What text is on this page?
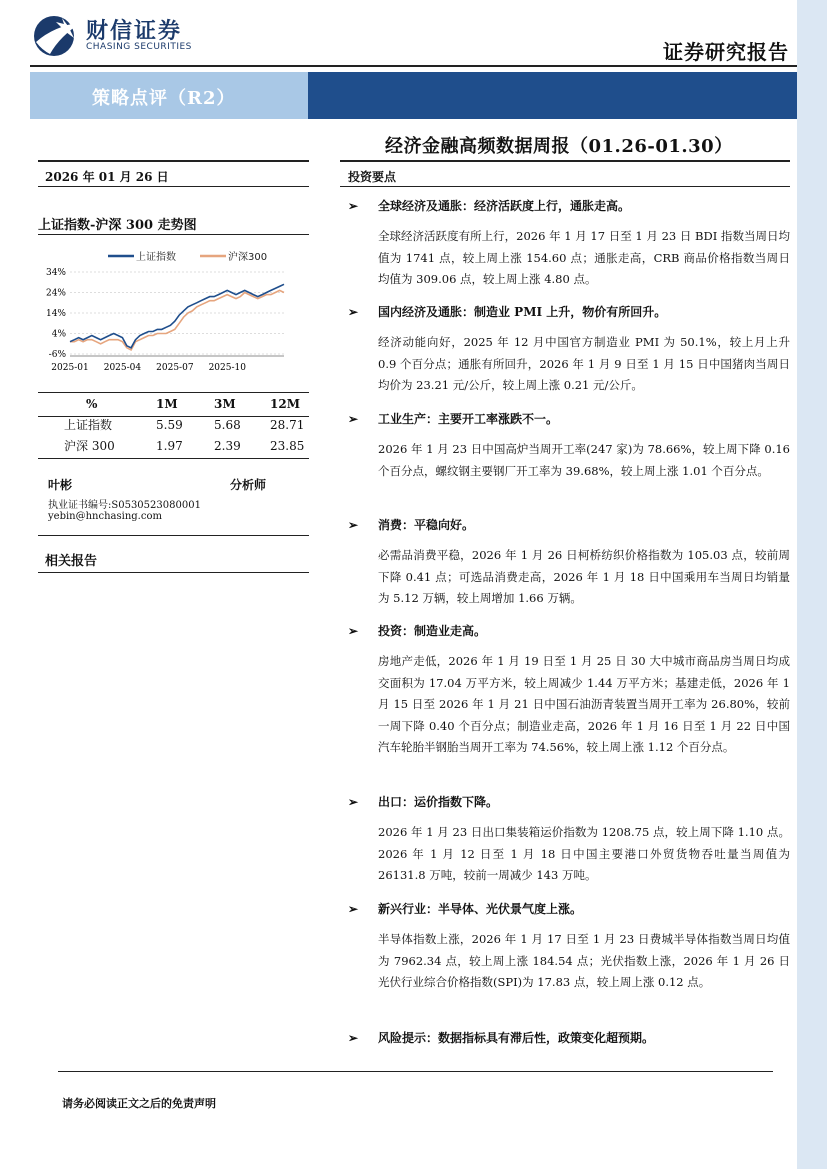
财信证券
CHASING SECURITIES	证券研究报告
策略点评（R2）
经济金融高频数据周报（01.26-01.30）
2026 年 01 月 26 日
上证指数-沪深 300 走势图
上证指数	沪深300
34%
24%
14%
4%
-6%
2025-01 2025-04 2025-07 2025-10
%	1M	3M	12M
上证指数	5.59	5.68	28.71
沪深 300	1.97	2.39	23.85
叶彬	分析师
执业证书编号:S0530523080001
yebin@hnchasing.com
相关报告
投资要点
➢ 全球经济及通胀：经济活跃度上行，通胀走高。

全球经济活跃度有所上行，2026 年 1 月 17 日至 1 月 23 日 BDI 指数当周日均值为 1741 点，较上周上涨 154.60 点；通胀走高，CRB 商品价格指数当周日均值为 309.06 点，较上周上涨 4.80 点。

➢ 国内经济及通胀：制造业 PMI 上升，物价有所回升。

经济动能向好，2025 年 12 月中国官方制造业 PMI 为 50.1%，较上月上升 0.9 个百分点；通胀有所回升，2026 年 1 月 9 日至 1 月 15 日中国猪肉当周日均价为 23.21 元/公斤，较上周上涨 0.21 元/公斤。

➢ 工业生产：主要开工率涨跌不一。

2026 年 1 月 23 日中国高炉当周开工率(247 家)为 78.66%，较上周下降 0.16 个百分点，螺纹钢主要钢厂开工率为 39.68%，较上周上涨 1.01 个百分点。

➢ 消费：平稳向好。

必需品消费平稳，2026 年 1 月 26 日柯桥纺织价格指数为 105.03 点，较前周下降 0.41 点；可选品消费走高，2026 年 1 月 18 日中国乘用车当周日均销量为 5.12 万辆，较上周增加 1.66 万辆。

➢ 投资：制造业走高。

房地产走低，2026 年 1 月 19 日至 1 月 25 日 30 大中城市商品房当周日均成交面积为 17.04 万平方米，较上周减少 1.44 万平方米；基建走低，2026 年 1 月 15 日至 2026 年 1 月 21 日中国石油沥青装置当周开工率为 26.80%，较前一周下降 0.40 个百分点；制造业走高，2026 年 1 月 16 日至 1 月 22 日中国汽车轮胎半钢胎当周开工率为 74.56%，较上周上涨 1.12 个百分点。

➢ 出口：运价指数下降。

2026 年 1 月 23 日出口集装箱运价指数为 1208.75 点，较上周下降 1.10 点。2026 年 1 月 12 日至 1 月 18 日中国主要港口外贸货物吞吐量当周值为 26131.8 万吨，较前一周减少 143 万吨。

➢ 新兴行业：半导体、光伏景气度上涨。

半导体指数上涨，2026 年 1 月 17 日至 1 月 23 日费城半导体指数当周日均值为 7962.34 点，较上周上涨 184.54 点；光伏指数上涨，2026 年 1 月 26 日光伏行业综合价格指数(SPI)为 17.83 点，较上周上涨 0.12 点。

➢ 风险提示：数据指标具有滞后性，政策变化超预期。
请务必阅读正文之后的免责声明
